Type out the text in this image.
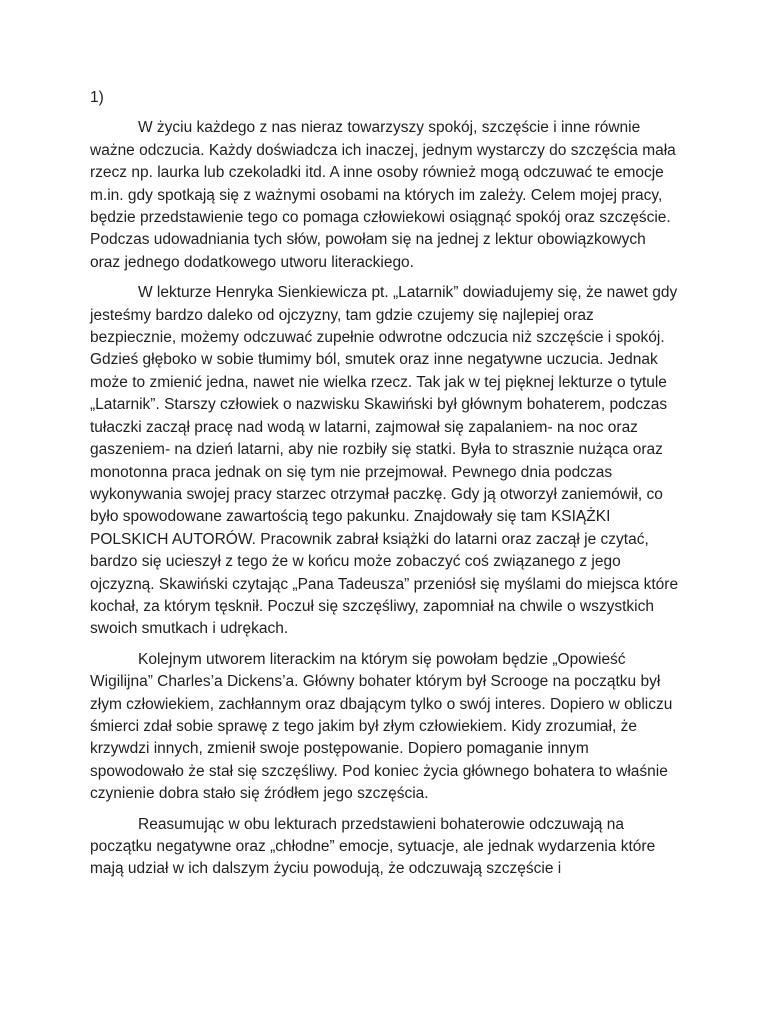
1)

W życiu każdego z nas nieraz towarzyszy spokój, szczęście i inne równie ważne odczucia. Każdy doświadcza ich inaczej, jednym wystarczy do szczęścia mała rzecz np. laurka lub czekoladki itd. A inne osoby również mogą odczuwać te emocje m.in. gdy spotkają się z ważnymi osobami na których im zależy. Celem mojej pracy, będzie przedstawienie tego co pomaga człowiekowi osiągnąć spokój oraz szczęście. Podczas udowadniania tych słów, powołam się na jednej z lektur obowiązkowych oraz jednego dodatkowego utworu literackiego.

W lekturze Henryka Sienkiewicza pt. „Latarnik” dowiadujemy się, że nawet gdy jesteśmy bardzo daleko od ojczyzny, tam gdzie czujemy się najlepiej oraz bezpiecznie, możemy odczuwać zupełnie odwrotne odczucia niż szczęście i spokój. Gdzieś głęboko w sobie tłumimy ból, smutek oraz inne negatywne uczucia. Jednak może to zmienić jedna, nawet nie wielka rzecz. Tak jak w tej pięknej lekturze o tytule „Latarnik”. Starszy człowiek o nazwisku Skawiński był głównym bohaterem, podczas tułaczki zaczął pracę nad wodą w latarni, zajmował się zapalaniem- na noc oraz gaszeniem- na dzień latarni, aby nie rozbiły się statki. Była to strasznie nużąca oraz monotonna praca jednak on się tym nie przejmował. Pewnego dnia podczas wykonywania swojej pracy starzec otrzymał paczkę. Gdy ją otworzył zaniemówił, co było spowodowane zawartością tego pakunku. Znajdowały się tam KSIĄŻKI POLSKICH AUTORÓW. Pracownik zabrał książki do latarni oraz zaczął je czytać, bardzo się ucieszył z tego że w końcu może zobaczyć coś związanego z jego ojczyzną. Skawiński czytając „Pana Tadeusza” przeniósł się myślami do miejsca które kochał, za którym tęsknił. Poczuł się szczęśliwy, zapomniał na chwile o wszystkich swoich smutkach i udrękach.

Kolejnym utworem literackim na którym się powołam będzie „Opowieść Wigilijna” Charles’a Dickens’a. Główny bohater którym był Scrooge na początku był złym człowiekiem, zachłannym oraz dbającym tylko o swój interes. Dopiero w obliczu śmierci zdał sobie sprawę z tego jakim był złym człowiekiem. Kidy zrozumiał, że krzywdzi innych, zmienił swoje postępowanie. Dopiero pomaganie innym spowodowało że stał się szczęśliwy. Pod koniec życia głównego bohatera to właśnie czynienie dobra stało się źródłem jego szczęścia.

Reasumując w obu lekturach przedstawieni bohaterowie odczuwają na początku negatywne oraz „chłodne” emocje, sytuacje, ale jednak wydarzenia które mają udział w ich dalszym życiu powodują, że odczuwają szczęście i
